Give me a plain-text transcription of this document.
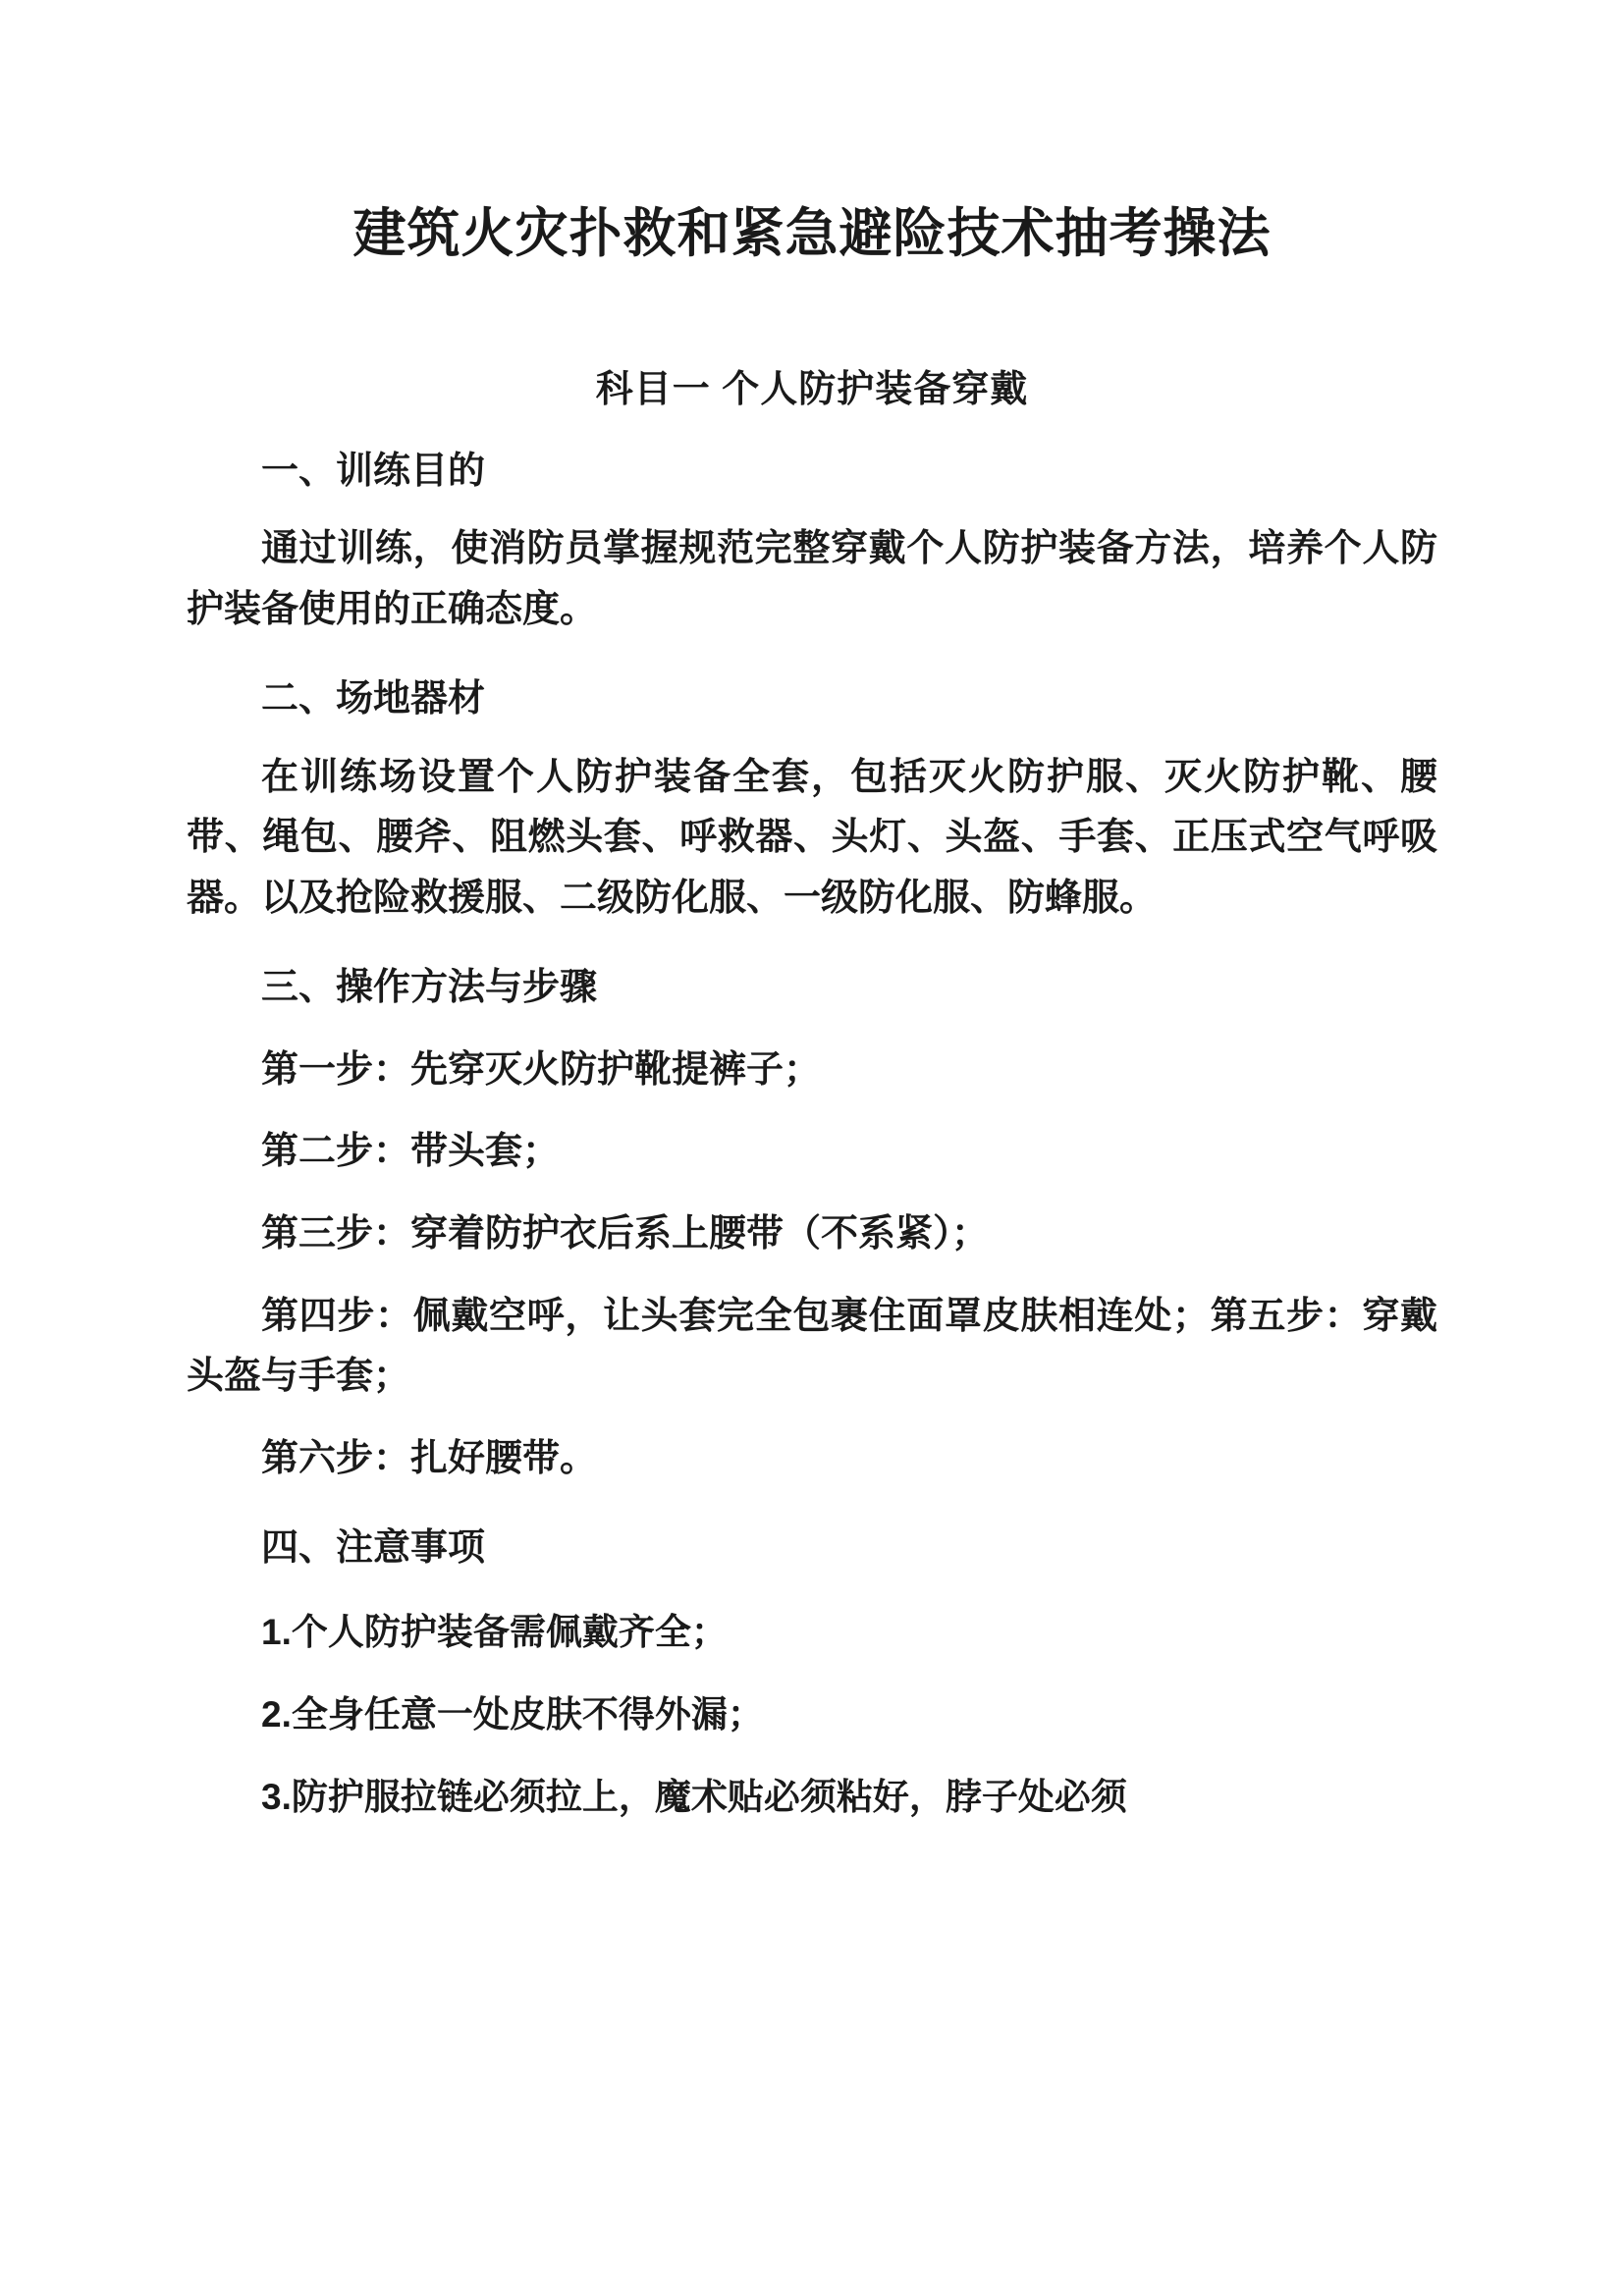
建筑火灾扑救和紧急避险技术抽考操法
科目一 个人防护装备穿戴
一、训练目的

通过训练，使消防员掌握规范完整穿戴个人防护装备方法，培养个人防护装备使用的正确态度。

二、场地器材

在训练场设置个人防护装备全套，包括灭火防护服、灭火防护靴、腰带、绳包、腰斧、阻燃头套、呼救器、头灯、头盔、手套、正压式空气呼吸器。以及抢险救援服、二级防化服、一级防化服、防蜂服。

三、操作方法与步骤

第一步：先穿灭火防护靴提裤子；

第二步：带头套；

第三步：穿着防护衣后系上腰带（不系紧）；

第四步：佩戴空呼，让头套完全包裹住面罩皮肤相连处；第五步：穿戴头盔与手套；

第六步：扎好腰带。

四、注意事项

1.个人防护装备需佩戴齐全；

2.全身任意一处皮肤不得外漏；

3.防护服拉链必须拉上，魔术贴必须粘好，脖子处必须
